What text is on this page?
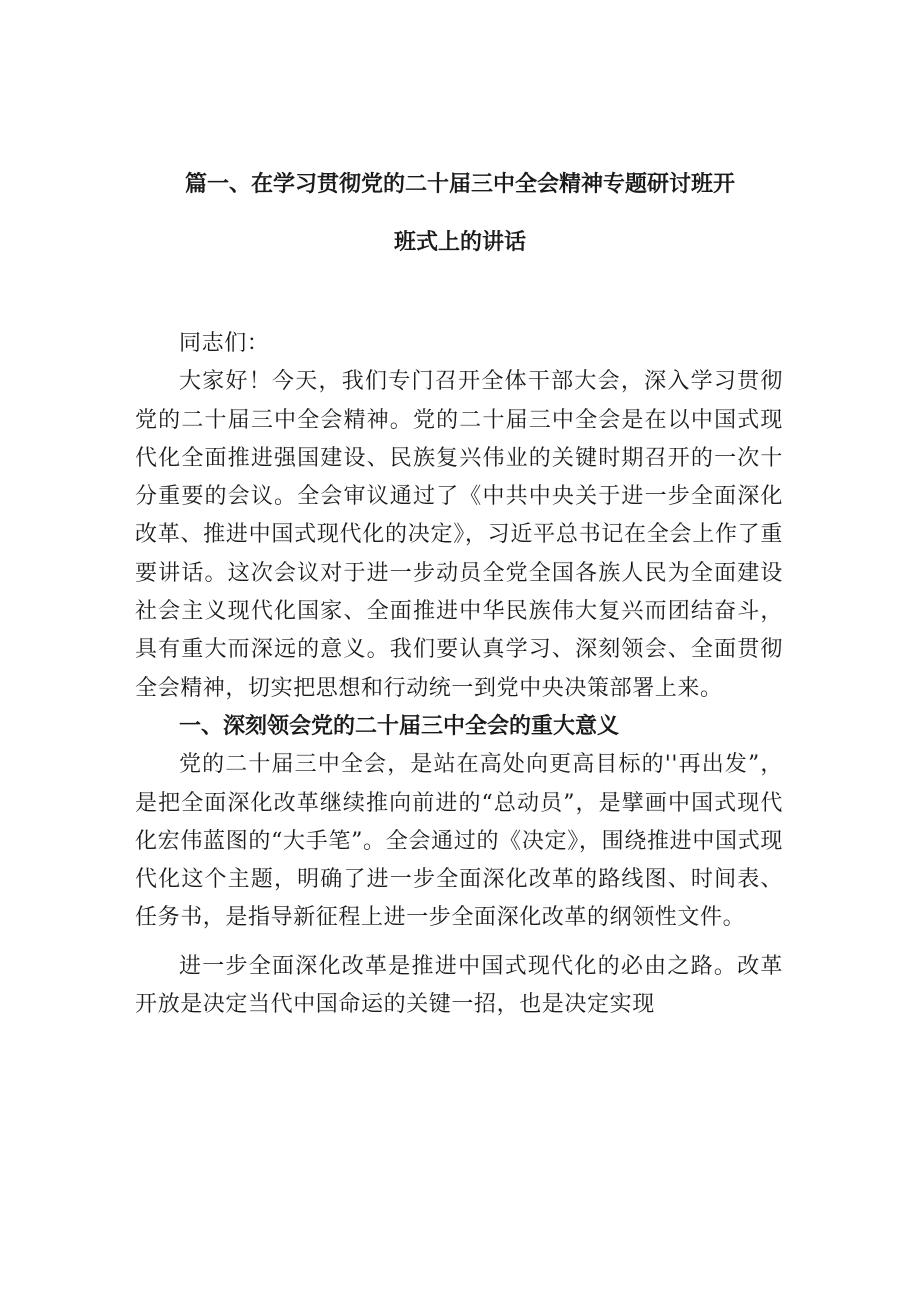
篇一、在学习贯彻党的二十届三中全会精神专题研讨班开
班式上的讲话

同志们：

大家好！今天，我们专门召开全体干部大会，深入学习贯彻党的二十届三中全会精神。党的二十届三中全会是在以中国式现代化全面推进强国建设、民族复兴伟业的关键时期召开的一次十分重要的会议。全会审议通过了《中共中央关于进一步全面深化改革、推进中国式现代化的决定》，习近平总书记在全会上作了重要讲话。这次会议对于进一步动员全党全国各族人民为全面建设社会主义现代化国家、全面推进中华民族伟大复兴而团结奋斗，具有重大而深远的意义。我们要认真学习、深刻领会、全面贯彻全会精神，切实把思想和行动统一到党中央决策部署上来。

一、深刻领会党的二十届三中全会的重大意义

党的二十届三中全会，是站在高处向更高目标的''再出发”，是把全面深化改革继续推向前进的“总动员”，是擘画中国式现代化宏伟蓝图的“大手笔”。全会通过的《决定》，围绕推进中国式现代化这个主题，明确了进一步全面深化改革的路线图、时间表、任务书，是指导新征程上进一步全面深化改革的纲领性文件。

进一步全面深化改革是推进中国式现代化的必由之路。改革开放是决定当代中国命运的关键一招，也是决定实现
